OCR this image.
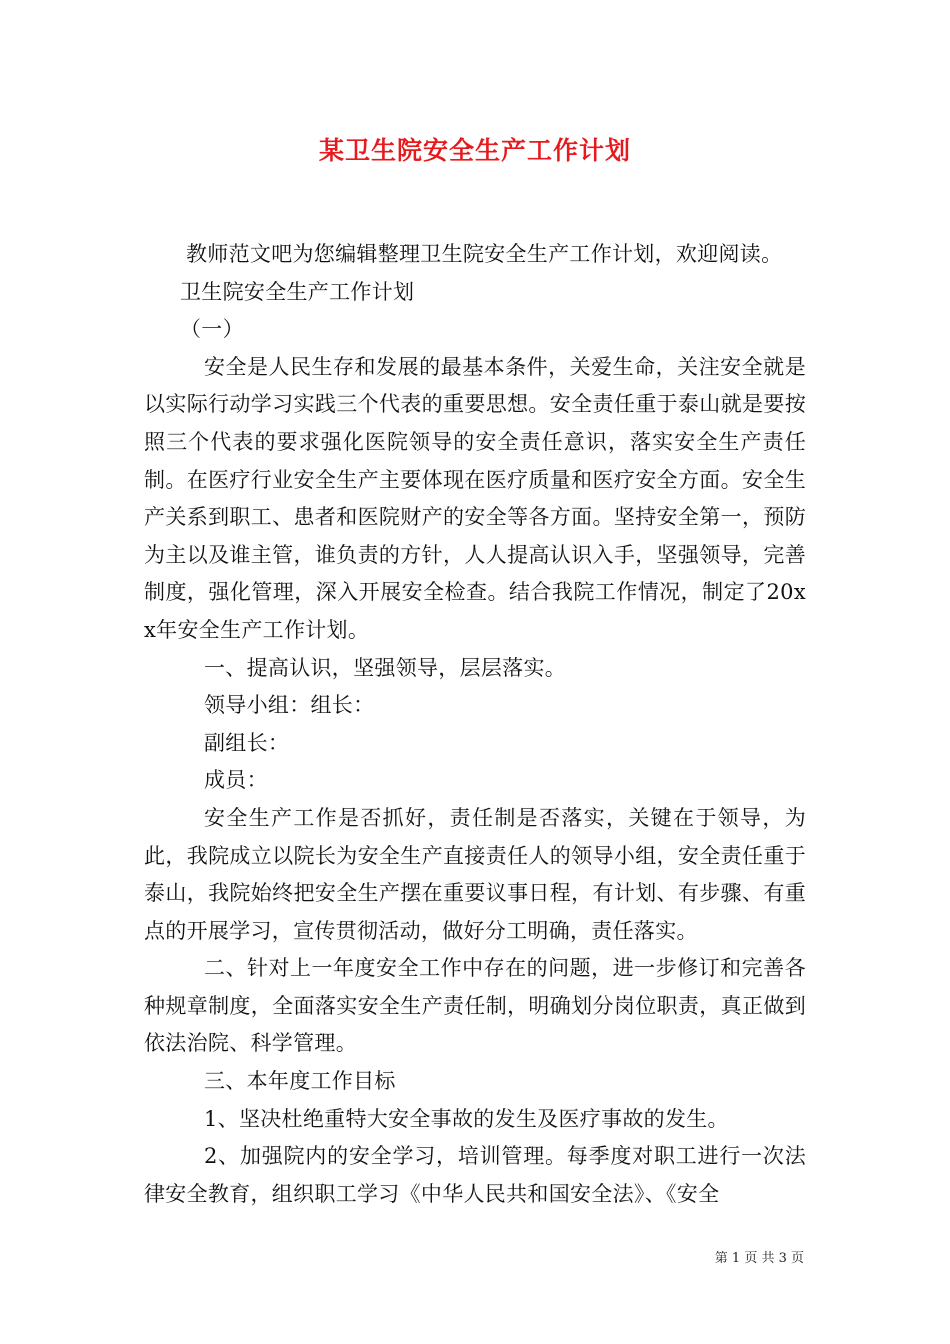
某卫生院安全生产工作计划

教师范文吧为您编辑整理卫生院安全生产工作计划，欢迎阅读。

卫生院安全生产工作计划

（一）

安全是人民生存和发展的最基本条件，关爱生命，关注安全就是以实际行动学习实践三个代表的重要思想。安全责任重于泰山就是要按照三个代表的要求强化医院领导的安全责任意识，落实安全生产责任制。在医疗行业安全生产主要体现在医疗质量和医疗安全方面。安全生产关系到职工、患者和医院财产的安全等各方面。坚持安全第一，预防为主以及谁主管，谁负责的方针，人人提高认识入手，坚强领导，完善制度，强化管理，深入开展安全检查。结合我院工作情况，制定了20xx年安全生产工作计划。

一、提高认识，坚强领导，层层落实。

领导小组：组长：

副组长：

成员：

安全生产工作是否抓好，责任制是否落实，关键在于领导，为此，我院成立以院长为安全生产直接责任人的领导小组，安全责任重于泰山，我院始终把安全生产摆在重要议事日程，有计划、有步骤、有重点的开展学习，宣传贯彻活动，做好分工明确，责任落实。

二、针对上一年度安全工作中存在的问题，进一步修订和完善各种规章制度，全面落实安全生产责任制，明确划分岗位职责，真正做到依法治院、科学管理。

三、本年度工作目标

1、坚决杜绝重特大安全事故的发生及医疗事故的发生。

2、加强院内的安全学习，培训管理。每季度对职工进行一次法律安全教育，组织职工学习《中华人民共和国安全法》、《安全

第 1 页 共 3 页
